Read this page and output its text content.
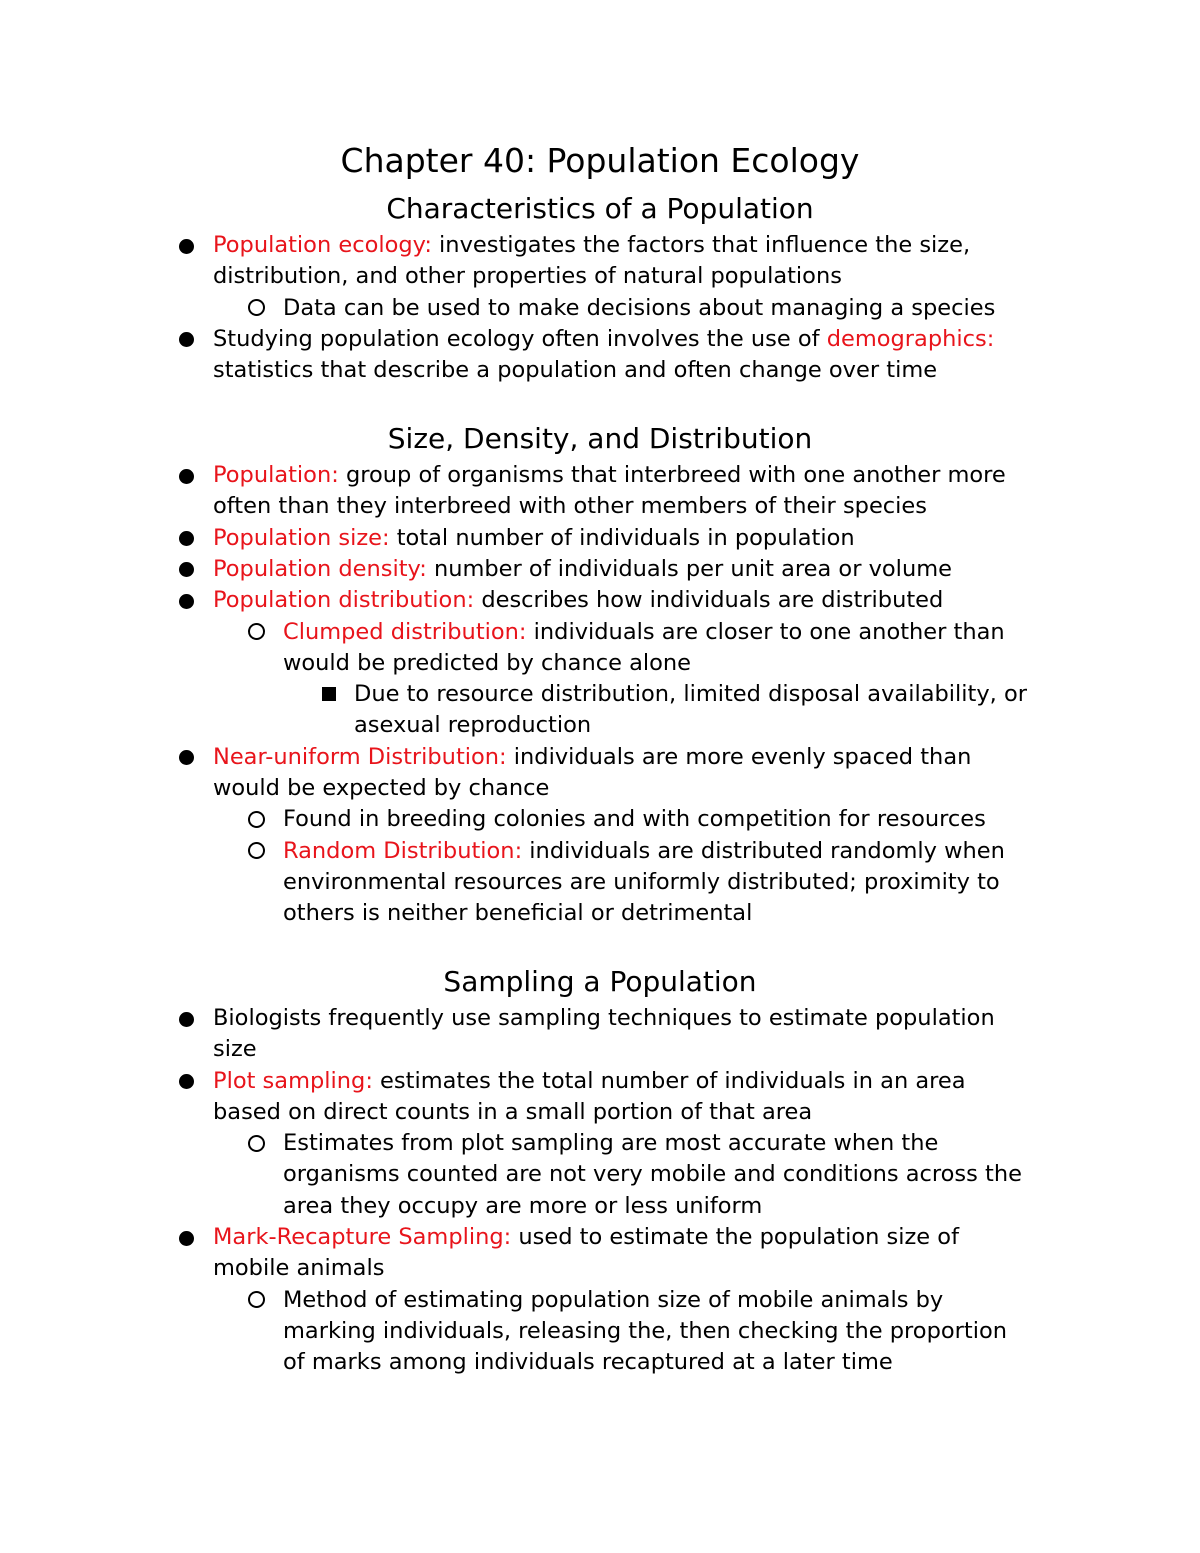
Chapter 40: Population Ecology
Characteristics of a Population
Population ecology: investigates the factors that influence the size,
distribution, and other properties of natural populations
Data can be used to make decisions about managing a species
Studying population ecology often involves the use of demographics:
statistics that describe a population and often change over time
Size, Density, and Distribution
Population: group of organisms that interbreed with one another more
often than they interbreed with other members of their species
Population size: total number of individuals in population
Population density: number of individuals per unit area or volume
Population distribution: describes how individuals are distributed
Clumped distribution: individuals are closer to one another than
would be predicted by chance alone
Due to resource distribution, limited disposal availability, or
asexual reproduction
Near-uniform Distribution: individuals are more evenly spaced than
would be expected by chance
Found in breeding colonies and with competition for resources
Random Distribution: individuals are distributed randomly when
environmental resources are uniformly distributed; proximity to
others is neither beneficial or detrimental
Sampling a Population
Biologists frequently use sampling techniques to estimate population
size
Plot sampling: estimates the total number of individuals in an area
based on direct counts in a small portion of that area
Estimates from plot sampling are most accurate when the
organisms counted are not very mobile and conditions across the
area they occupy are more or less uniform
Mark-Recapture Sampling: used to estimate the population size of
mobile animals
Method of estimating population size of mobile animals by
marking individuals, releasing the, then checking the proportion
of marks among individuals recaptured at a later time
